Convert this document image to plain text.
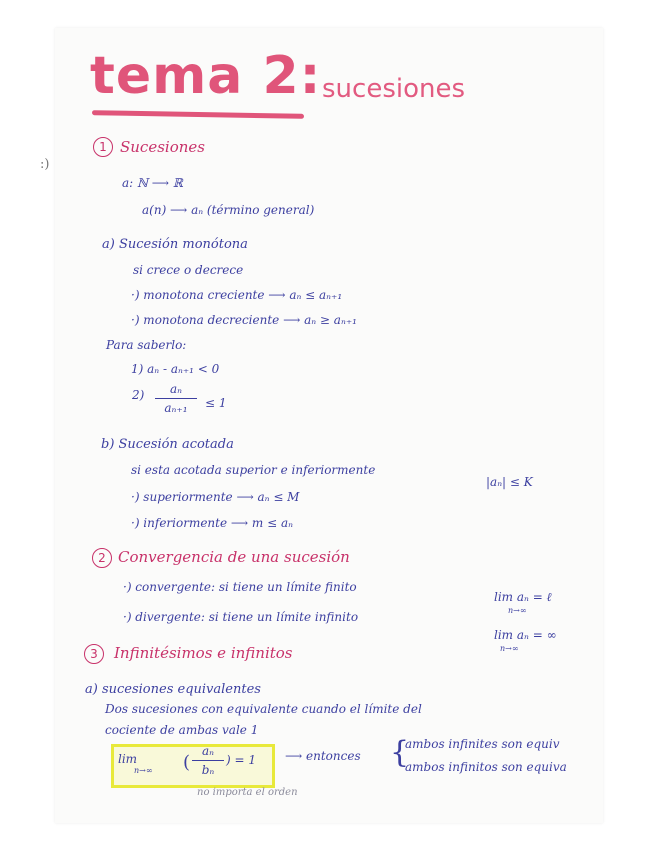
:)
tema 2: sucesiones
1 Sucesiones
a: ℕ ⟶ ℝ
a(n) ⟶ aₙ (término general)
a) Sucesión monótona
si crece o decrece
·) monotona creciente ⟶ aₙ ≤ aₙ₊₁
·) monotona decreciente ⟶ aₙ ≥ aₙ₊₁
Para saberlo:
1) aₙ - aₙ₊₁ < 0
2)	aₙ
aₙ₊₁	≤ 1
b) Sucesión acotada
si esta acotada superior e inferiormente
|aₙ| ≤ K
·) superiormente ⟶ aₙ ≤ M
·) inferiormente ⟶ m ≤ aₙ
2 Convergencia de una sucesión
·) convergente: si tiene un límite finito
lim aₙ = ℓ
n→∞
·) divergente: si tiene un límite infinito
lim aₙ = ∞
n→∞
3	Infinitésimos e infinitos
a) sucesiones equivalentes
Dos sucesiones con equivalente cuando el límite del
cociente de ambas vale 1
lim
n→∞ (
aₙ
bₙ
) = 1 ⟶ entonces {
ambos infinites son equiv
ambos infinitos son equiva
no importa el orden
